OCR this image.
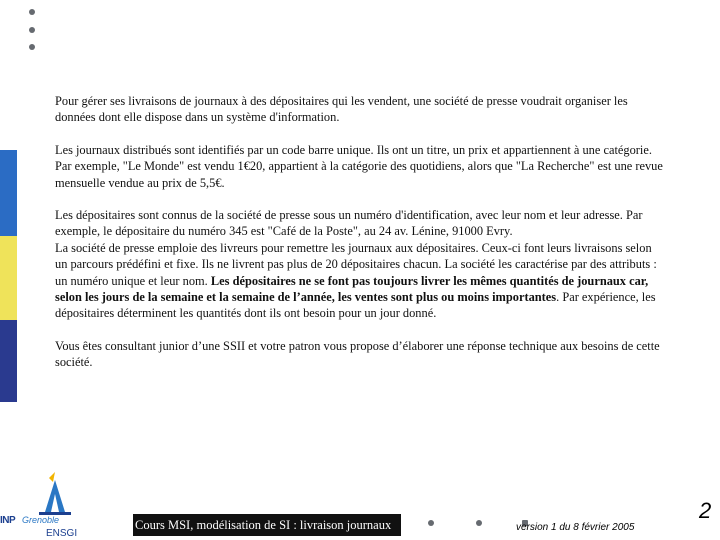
Pour gérer ses livraisons de journaux à des dépositaires qui les vendent, une société de presse voudrait organiser les données dont elle dispose dans un système d'information.

Les journaux distribués sont identifiés par un code barre unique. Ils ont un titre, un prix et appartiennent à une catégorie. Par exemple, "Le Monde" est vendu 1€20, appartient à la catégorie des quotidiens, alors que "La Recherche" est une revue mensuelle vendue au prix de 5,5€.

Les dépositaires sont connus de la société de presse sous un numéro d'identification, avec leur nom et leur adresse. Par exemple, le dépositaire du numéro 345 est "Café de la Poste", au 24 av. Lénine, 91000 Evry.
La société de presse emploie des livreurs pour remettre les journaux aux dépositaires. Ceux-ci font leurs livraisons selon un parcours prédéfini et fixe. Ils ne livrent pas plus de 20 dépositaires chacun. La société les caractérise par des attributs : un numéro unique et leur nom. Les dépositaires ne se font pas toujours livrer les mêmes quantités de journaux car, selon les jours de la semaine et la semaine de l’année, les ventes sont plus ou moins importantes. Par expérience, les dépositaires déterminent les quantités dont ils ont besoin pour un jour donné.

Vous êtes consultant junior d’une SSII et votre patron vous propose d’élaborer une réponse technique aux besoins de cette société.

INP Grenoble
ENSGI
Cours MSI, modélisation de SI : livraison journaux	version 1 du 8 février 2005
2
